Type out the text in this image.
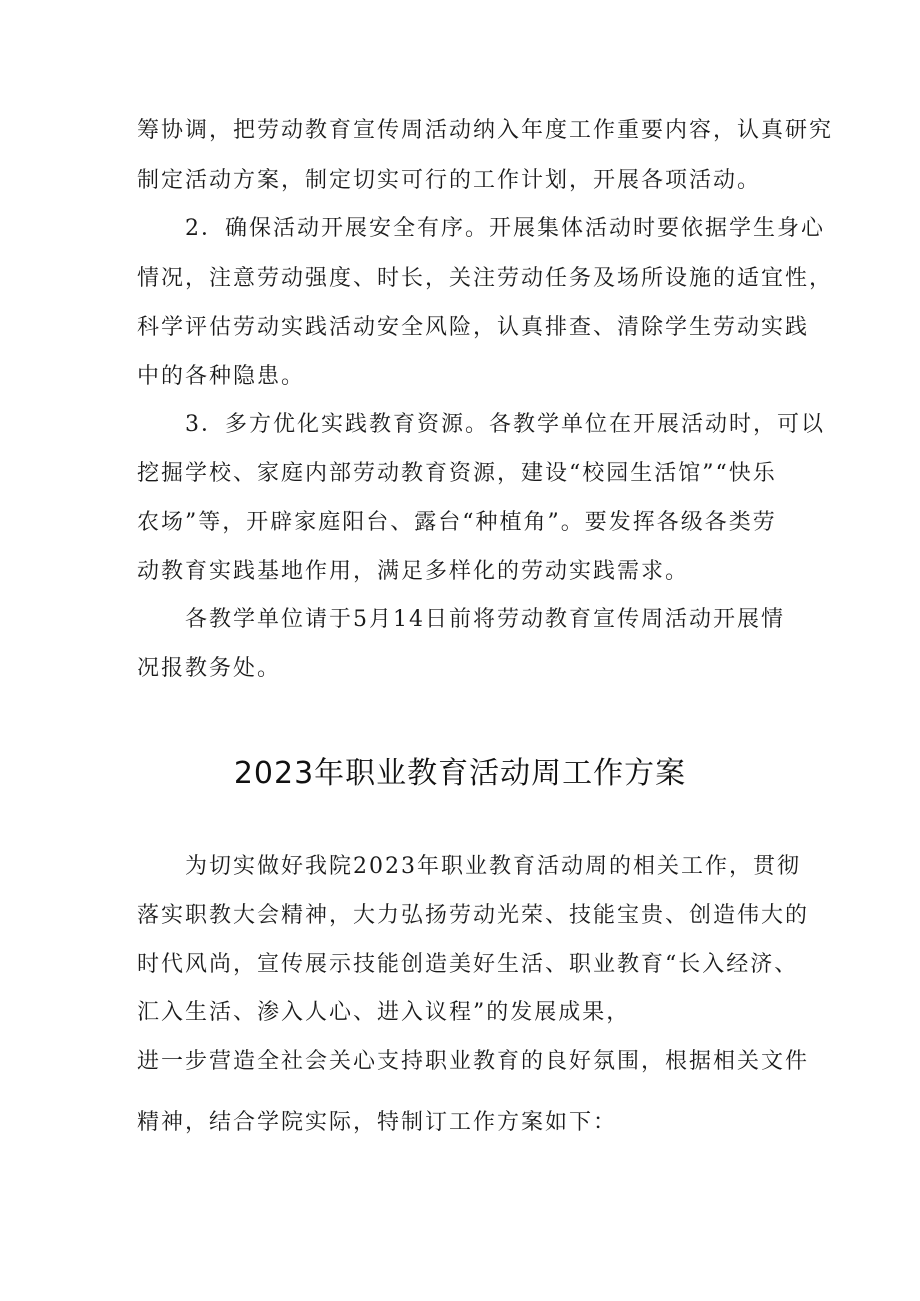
筹协调，把劳动教育宣传周活动纳入年度工作重要内容，认真研究
制定活动方案，制定切实可行的工作计划，开展各项活动。
2．确保活动开展安全有序。开展集体活动时要依据学生身心
情况，注意劳动强度、时长，关注劳动任务及场所设施的适宜性，
科学评估劳动实践活动安全风险，认真排查、清除学生劳动实践
中的各种隐患。
3．多方优化实践教育资源。各教学单位在开展活动时，可以
挖掘学校、家庭内部劳动教育资源，建设“校园生活馆”“快乐
农场”等，开辟家庭阳台、露台“种植角”。要发挥各级各类劳
动教育实践基地作用，满足多样化的劳动实践需求。
各教学单位请于5月14日前将劳动教育宣传周活动开展情
况报教务处。
2023年职业教育活动周工作方案
为切实做好我院2023年职业教育活动周的相关工作，贯彻
落实职教大会精神，大力弘扬劳动光荣、技能宝贵、创造伟大的
时代风尚，宣传展示技能创造美好生活、职业教育“长入经济、
汇入生活、渗入人心、进入议程”的发展成果，
进一步营造全社会关心支持职业教育的良好氛围，根据相关文件
精神，结合学院实际，特制订工作方案如下：
